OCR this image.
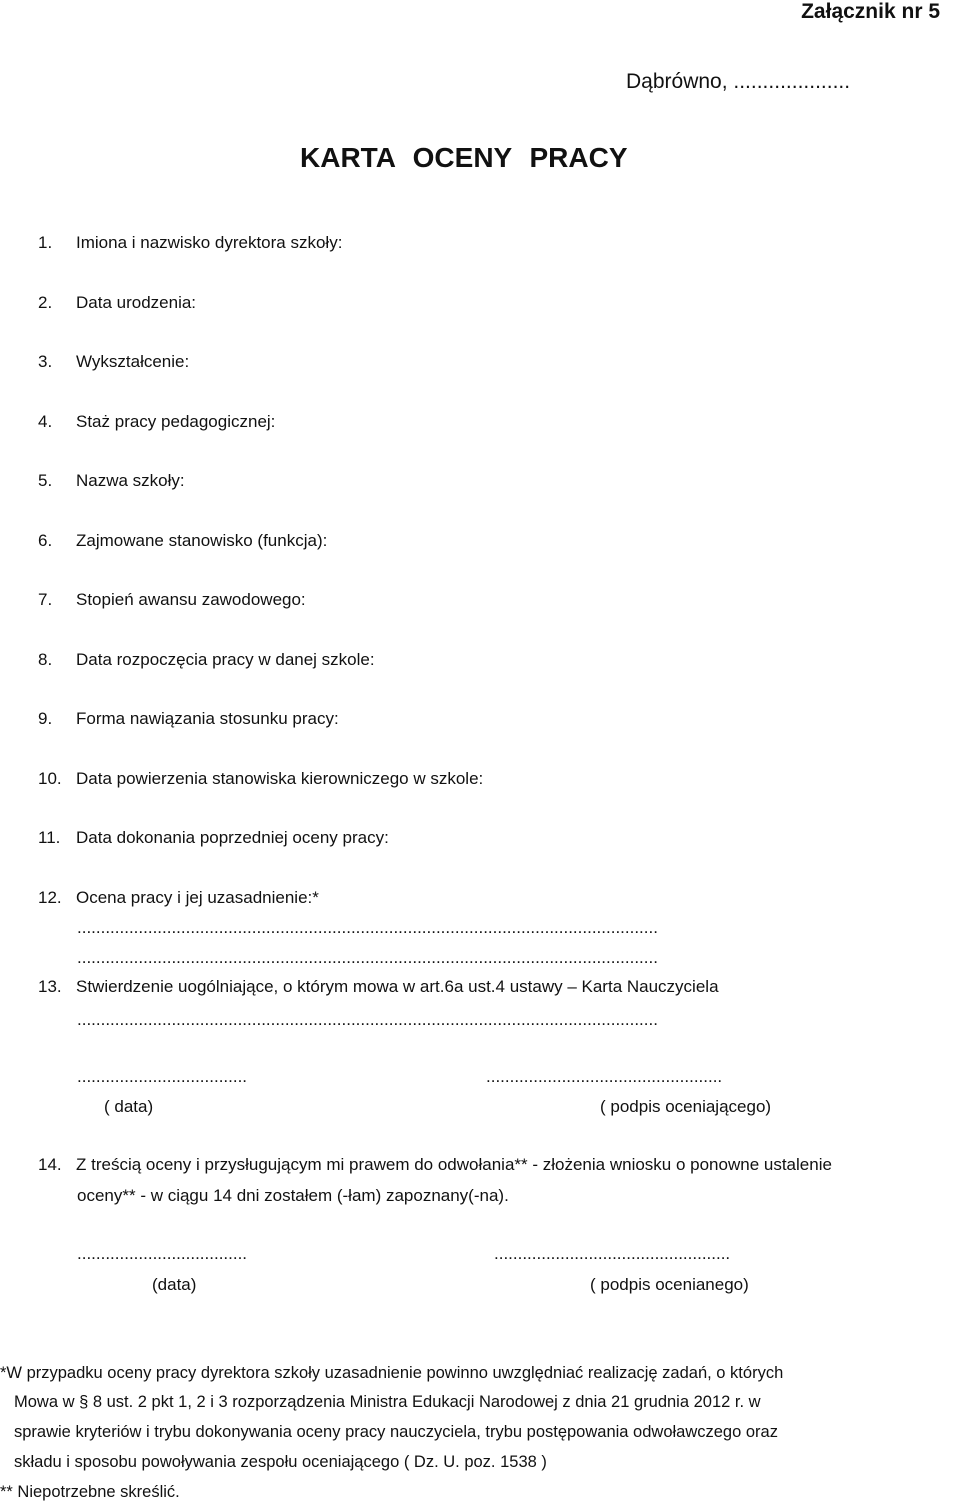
Załącznik nr 5
Dąbrówno, ....................
KARTA OCENY PRACY
1. Imiona i nazwisko dyrektora szkoły:
2. Data urodzenia:
3. Wykształcenie:
4. Staż pracy pedagogicznej:
5. Nazwa szkoły:
6. Zajmowane stanowisko (funkcja):
7. Stopień awansu zawodowego:
8. Data rozpoczęcia pracy w danej szkole:
9. Forma nawiązania stosunku pracy:
10. Data powierzenia stanowiska kierowniczego w szkole:
11. Data dokonania poprzedniej oceny pracy:
12. Ocena pracy i jej uzasadnienie:*
...........................................................................................................................
...........................................................................................................................
13. Stwierdzenie uogólniające, o którym mowa w art.6a ust.4 ustawy – Karta Nauczyciela
...........................................................................................................................
....................................	..................................................
( data)	( podpis oceniającego)
14. Z treścią oceny i przysługującym mi prawem do odwołania** - złożenia wniosku o ponowne ustalenie
oceny** - w ciągu 14 dni zostałem (-łam) zapoznany(-na).
....................................	..................................................
(data)	( podpis ocenianego)
*W przypadku oceny pracy dyrektora szkoły uzasadnienie powinno uwzględniać realizację zadań, o których
Mowa w § 8 ust. 2 pkt 1, 2 i 3 rozporządzenia Ministra Edukacji Narodowej z dnia 21 grudnia 2012 r. w
sprawie kryteriów i trybu dokonywania oceny pracy nauczyciela, trybu postępowania odwoławczego oraz
składu i sposobu powoływania zespołu oceniającego ( Dz. U. poz. 1538 )
** Niepotrzebne skreślić.
